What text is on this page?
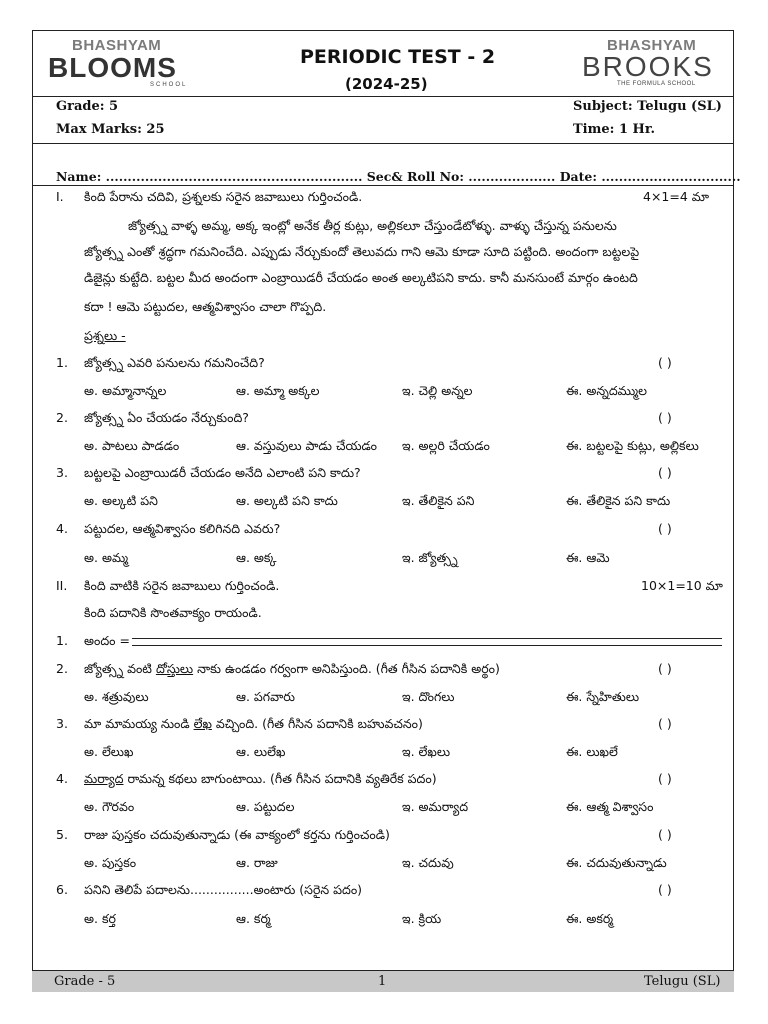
BHASHYAM
BLOOMS
SCHOOL
BHASHYAM
BROOKS
THE FORMULA SCHOOL
PERIODIC TEST - 2
(2024-25)
Grade: 5	Subject: Telugu (SL)
Max Marks: 25	Time: 1 Hr.
Name: ........................................................... Sec& Roll No: .................... Date: ................................
I. కింది పేరాను చదివి, ప్రశ్నలకు సరైన జవాబులు గుర్తించండి.	4×1=4 మా
జ్యోత్స్న వాళ్ళ అమ్మ, అక్క ఇంట్లో అనేక తీర్ల కుట్లు, అల్లికలూ చేస్తుండేటోళ్ళు. వాళ్ళు చేస్తున్న పనులను
జ్యోత్స్న ఎంతో శ్రద్ధగా గమనించేది. ఎప్పుడు నేర్చుకుందో తెలువదు గాని ఆమె కూడా సూది పట్టింది. అందంగా బట్టలపై
డిజైన్లు కుట్టేది. బట్టల మీద అందంగా ఎంబ్రాయిడరీ చేయడం అంత అల్కటిపని కాదు. కానీ మనసుంటే మార్గం ఉంటది
కదా ! ఆమె పట్టుదల, ఆత్మవిశ్వాసం చాలా గొప్పది.
ప్రశ్నలు -
1. జ్యోత్స్న ఎవరి పనులను గమనించేది?	( )
అ. అమ్మానాన్నల	ఆ. అమ్మా అక్కల	ఇ. చెల్లి అన్నల	ఈ. అన్నదమ్ముల
2. జ్యోత్స్న ఏం చేయడం నేర్చుకుంది?	( )
అ. పాటలు పాడడం	ఆ. వస్తువులు పాడు చేయడం ఇ. అల్లరి చేయడం	ఈ. బట్టలపై కుట్లు, అల్లికలు
3. బట్టలపై ఎంబ్రాయిడరీ చేయడం అనేది ఎలాంటి పని కాదు?	( )
అ. అల్కటి పని	ఆ. అల్కటి పని కాదు	ఇ. తేలికైన పని	ఈ. తేలికైన పని కాదు
4. పట్టుదల, ఆత్మవిశ్వాసం కలిగినది ఎవరు?	( )
అ. అమ్మ	ఆ. అక్క	ఇ. జ్యోత్స్న	ఈ. ఆమె
II. కింది వాటికి సరైన జవాబులు గుర్తించండి.	10×1=10 మా
కింది పదానికి సొంతవాక్యం రాయండి.
1. అందం =
2. జ్యోత్స్న వంటి దోస్తులు నాకు ఉండడం గర్వంగా అనిపిస్తుంది. (గీత గీసిన పదానికి అర్థం)	( )
అ. శత్రువులు	ఆ. పగవారు	ఇ. దొంగలు	ఈ. స్నేహితులు
3. మా మామయ్య నుండి లేఖ వచ్చింది. (గీత గీసిన పదానికి బహువచనం)	( )
అ. లేలుఖ	ఆ. లులేఖ	ఇ. లేఖలు	ఈ. లుఖలే
4. మర్యాద రామన్న కథలు బాగుంటాయి. (గీత గీసిన పదానికి వ్యతిరేక పదం)	( )
అ. గౌరవం	ఆ. పట్టుదల	ఇ. అమర్యాద	ఈ. ఆత్మ విశ్వాసం
5. రాజు పుస్తకం చదువుతున్నాడు (ఈ వాక్యంలో కర్తను గుర్తించండి)	( )
అ. పుస్తకం	ఆ. రాజు	ఇ. చదువు	ఈ. చదువుతున్నాడు
6. పనిని తెలిపే పదాలను................అంటారు (సరైన పదం)	( )
అ. కర్త	ఆ. కర్మ	ఇ. క్రియ	ఈ. అకర్మ
Grade - 5	1	Telugu (SL)
